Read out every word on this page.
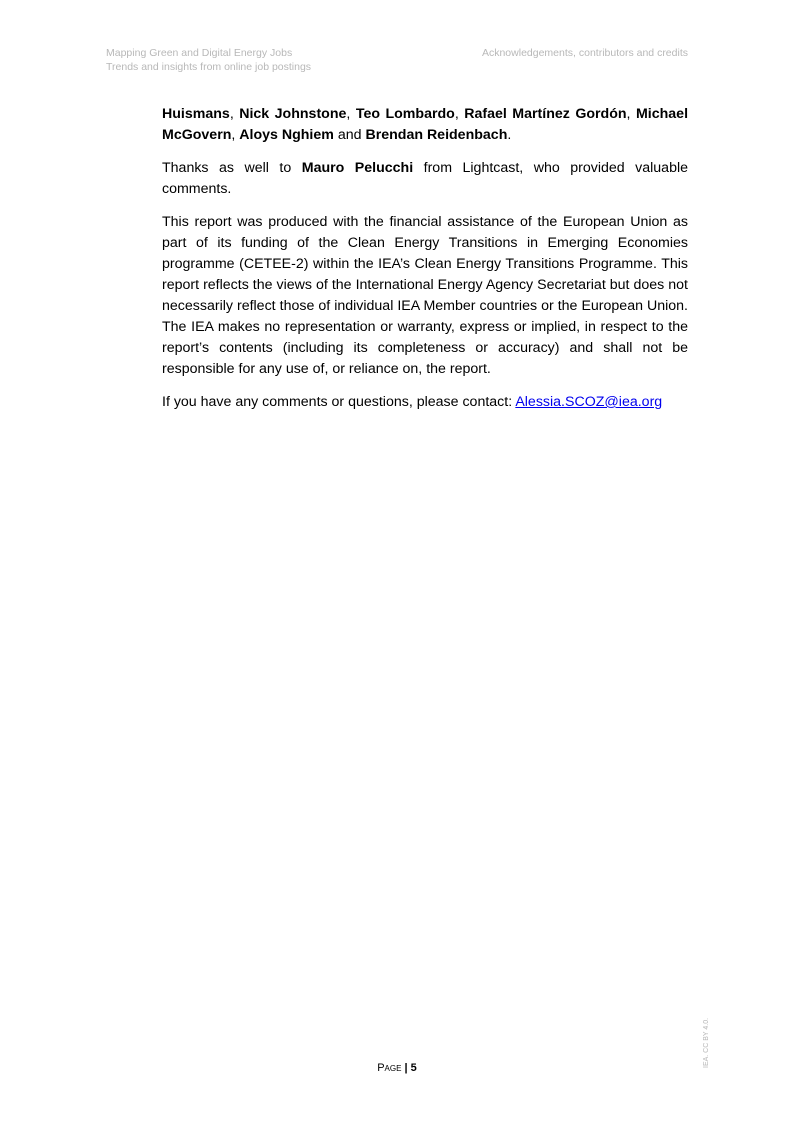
Mapping Green and Digital Energy Jobs
Trends and insights from online job postings
Acknowledgements, contributors and credits

Huismans, Nick Johnstone, Teo Lombardo, Rafael Martínez Gordón, Michael McGovern, Aloys Nghiem and Brendan Reidenbach.

Thanks as well to Mauro Pelucchi from Lightcast, who provided valuable comments.

This report was produced with the financial assistance of the European Union as part of its funding of the Clean Energy Transitions in Emerging Economies programme (CETEE-2) within the IEA’s Clean Energy Transitions Programme. This report reflects the views of the International Energy Agency Secretariat but does not necessarily reflect those of individual IEA Member countries or the European Union. The IEA makes no representation or warranty, express or implied, in respect to the report’s contents (including its completeness or accuracy) and shall not be responsible for any use of, or reliance on, the report.

If you have any comments or questions, please contact: Alessia.SCOZ@iea.org

Page | 5	IEA. CC BY 4.0.
